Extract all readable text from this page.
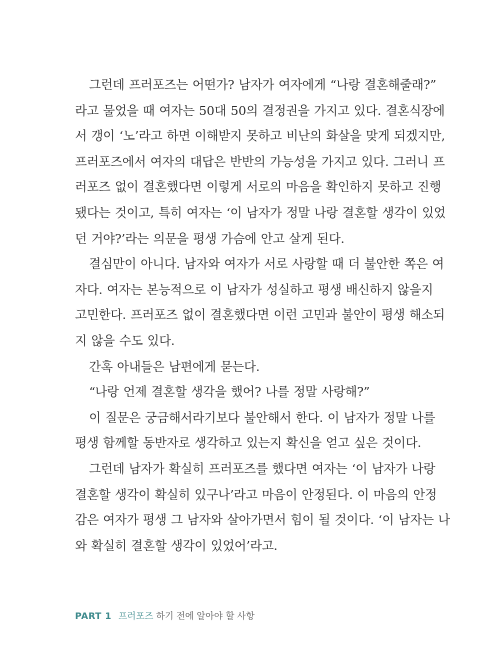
그런데 프러포즈는 어떤가? 남자가 여자에게 “나랑 결혼해줄래?”
라고 물었을 때 여자는 50대 50의 결정권을 가지고 있다. 결혼식장에
서 갱이 ‘노’라고 하면 이해받지 못하고 비난의 화살을 맞게 되겠지만,
프러포즈에서 여자의 대답은 반반의 가능성을 가지고 있다. 그러니 프
러포즈 없이 결혼했다면 이렇게 서로의 마음을 확인하지 못하고 진행
됐다는 것이고, 특히 여자는 ‘이 남자가 정말 나랑 결혼할 생각이 있었
던 거야?’라는 의문을 평생 가슴에 안고 살게 된다.
결심만이 아니다. 남자와 여자가 서로 사랑할 때 더 불안한 쪽은 여
자다. 여자는 본능적으로 이 남자가 성실하고 평생 배신하지 않을지
고민한다. 프러포즈 없이 결혼했다면 이런 고민과 불안이 평생 해소되
지 않을 수도 있다.
간혹 아내들은 남편에게 묻는다.
“나랑 언제 결혼할 생각을 했어? 나를 정말 사랑해?”
이 질문은 궁금해서라기보다 불안해서 한다. 이 남자가 정말 나를
평생 함께할 동반자로 생각하고 있는지 확신을 얻고 싶은 것이다.
그런데 남자가 확실히 프러포즈를 했다면 여자는 ‘이 남자가 나랑
결혼할 생각이 확실히 있구나’라고 마음이 안정된다. 이 마음의 안정
감은 여자가 평생 그 남자와 살아가면서 힘이 될 것이다. ‘이 남자는 나
와 확실히 결혼할 생각이 있었어’라고.
PART 1 프러포즈 하기 전에 알아야 할 사항
